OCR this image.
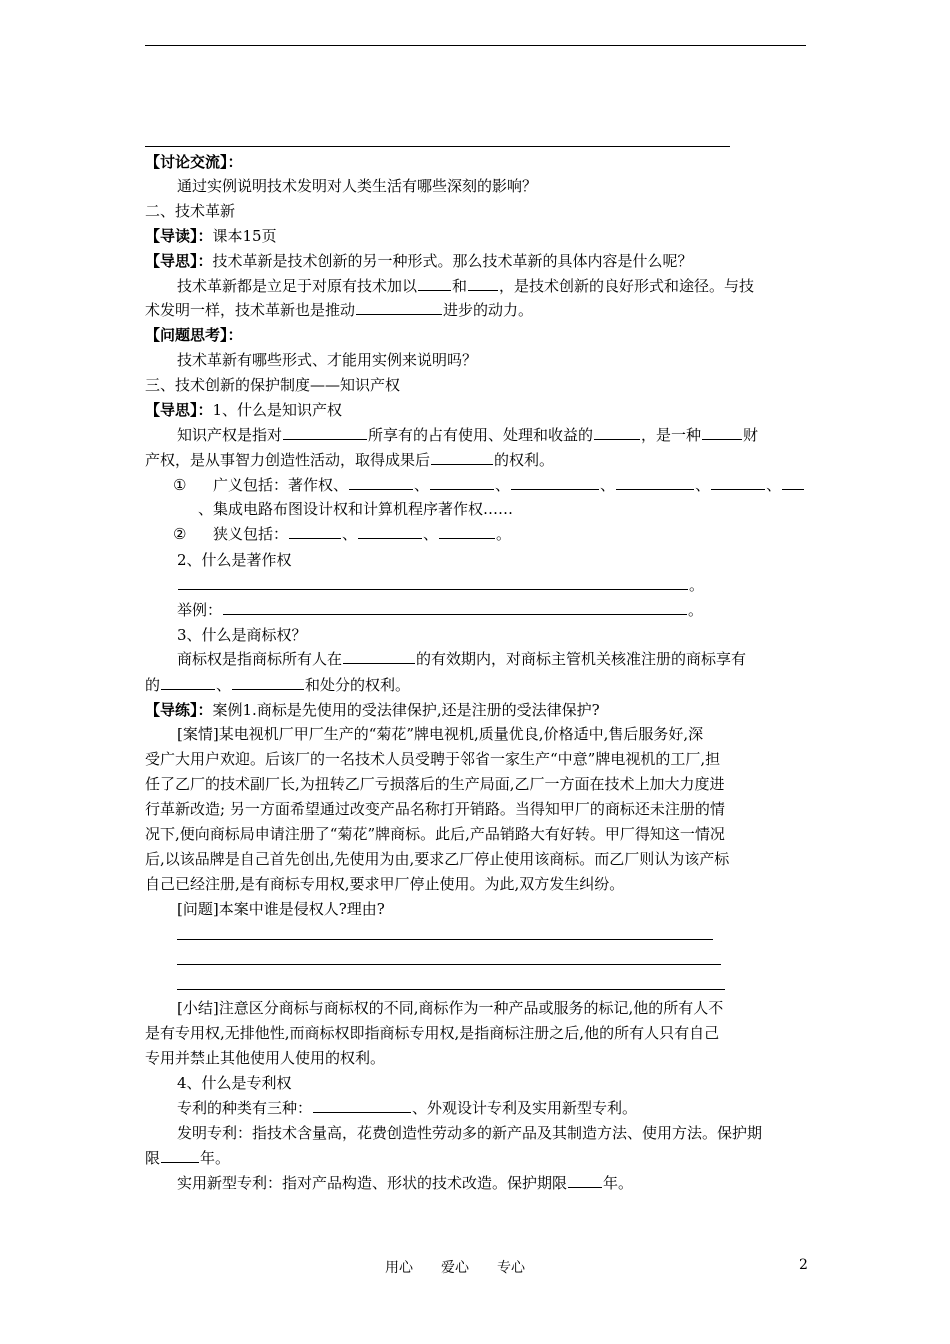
【讨论交流】：
通过实例说明技术发明对人类生活有哪些深刻的影响？
二、技术革新
【导读】：课本15页
【导思】：技术革新是技术创新的另一种形式。那么技术革新的具体内容是什么呢？
技术革新都是立足于对原有技术加以 和 ，是技术创新的良好形式和途径。与技
术发明一样，技术革新也是推动	进步的动力。
【问题思考】：
技术革新有哪些形式、才能用实例来说明吗？
三、技术创新的保护制度——知识产权
【导思】：1、什么是知识产权
知识产权是指对	所享有的占有使用、处理和收益的	，是一种	财
产权，是从事智力创造性活动，取得成果后	的权利。
① 广义包括：著作权、	、	、	、	、	、
、集成电路布图设计权和计算机程序著作权……
② 狭义包括：	、	、	。
2、什么是著作权
。
举例：	。
3、什么是商标权？
商标权是指商标所有人在	的有效期内，对商标主管机关核准注册的商标享有
的	、	和处分的权利。
【导练】：案例1.商标是先使用的受法律保护,还是注册的受法律保护?
[案情]某电视机厂甲厂生产的“菊花”牌电视机,质量优良,价格适中,售后服务好,深
受广大用户欢迎。后该厂的一名技术人员受聘于邻省一家生产“中意”牌电视机的工厂,担
任了乙厂的技术副厂长,为扭转乙厂亏损落后的生产局面,乙厂一方面在技术上加大力度进
行革新改造; 另一方面希望通过改变产品名称打开销路。当得知甲厂的商标还未注册的情
况下,便向商标局申请注册了“菊花”牌商标。此后,产品销路大有好转。甲厂得知这一情况
后,以该品牌是自己首先创出,先使用为由,要求乙厂停止使用该商标。而乙厂则认为该产标
自己已经注册,是有商标专用权,要求甲厂停止使用。为此,双方发生纠纷。
[问题]本案中谁是侵权人?理由?
[小结]注意区分商标与商标权的不同,商标作为一种产品或服务的标记,他的所有人不
是有专用权,无排他性,而商标权即指商标专用权,是指商标注册之后,他的所有人只有自己
专用并禁止其他使用人使用的权利。
4、什么是专利权
专利的种类有三种：	、外观设计专利及实用新型专利。
发明专利：指技术含量高，花费创造性劳动多的新产品及其制造方法、使用方法。保护期
限	年。
实用新型专利：指对产品构造、形状的技术改造。保护期限 年。
用心　　爱心　　专心	2
